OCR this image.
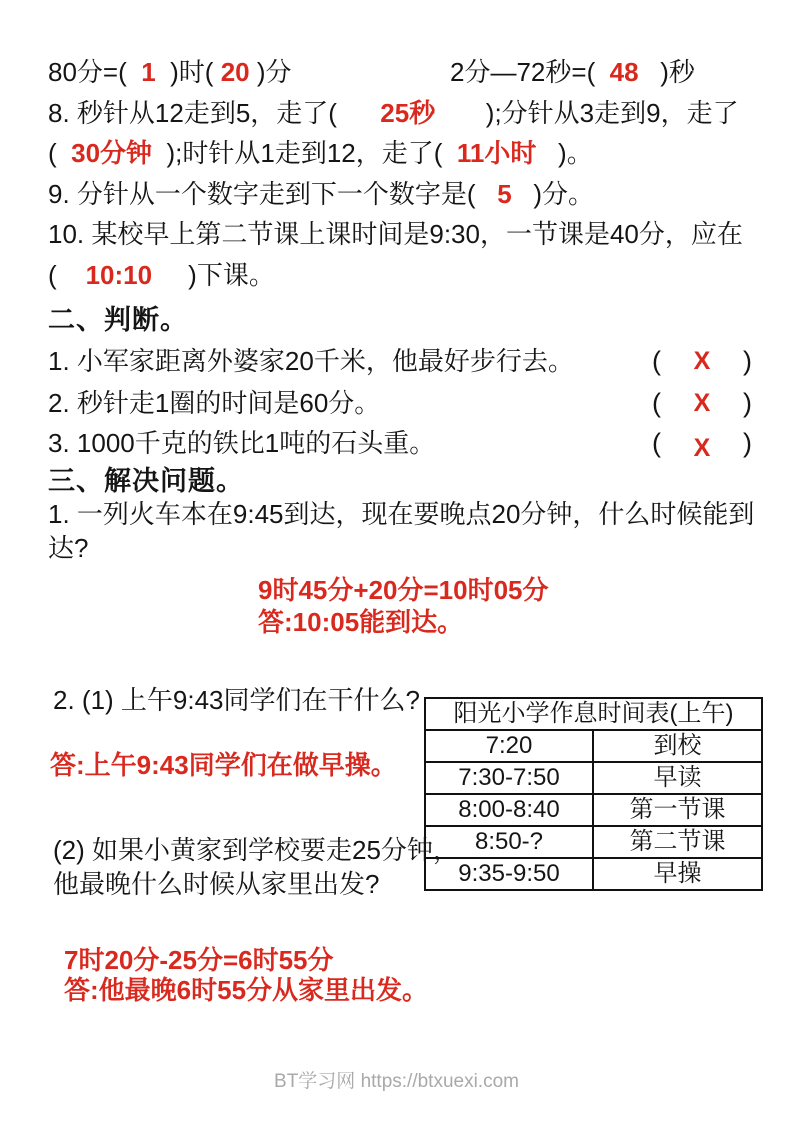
80分=(  1  )时( 20 )分	2分—72秒=(  48   )秒
8. 秒针从12走到5，走了(      25秒       );分针从3走到9，走了
(  30分钟  );时针从1走到12，走了(  11小时   )。
9. 分针从一个数字走到下一个数字是(   5   )分。
10. 某校早上第二节课上课时间是9:30，一节课是40分，应在
(    10:10     )下课。
二、判断。
1. 小军家距离外婆家20千米，他最好步行去。	( X )
2. 秒针走1圈的时间是60分。	( X )
3. 1000千克的铁比1吨的石头重。	( X )
三、解决问题。
1. 一列火车本在9:45到达，现在要晚点20分钟，什么时候能到达?
9时45分+20分=10时05分
答:10:05能到达。
2. (1) 上午9:43同学们在干什么?
答:上午9:43同学们在做早操。
阳光小学作息时间表(上午)
7:20	到校
7:30-7:50	早读
8:00-8:40	第一节课
8:50-?	第二节课
9:35-9:50	早操
(2) 如果小黄家到学校要走25分钟，
他最晚什么时候从家里出发?
7时20分-25分=6时55分
答:他最晚6时55分从家里出发。
BT学习网 https://btxuexi.com
